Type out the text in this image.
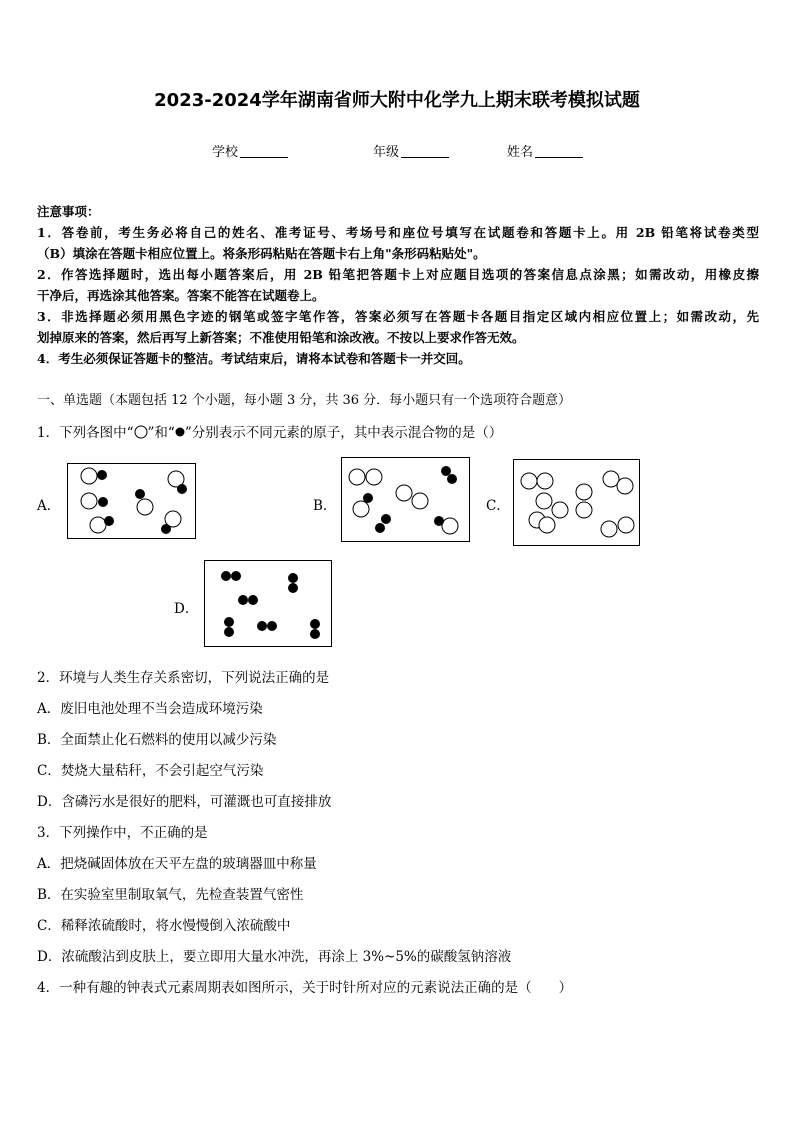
2023-2024学年湖南省师大附中化学九上期末联考模拟试题
学校	年级	姓名
注意事项：
1．答卷前，考生务必将自己的姓名、准考证号、考场号和座位号填写在试题卷和答题卡上。用 2B 铅笔将试卷类型
（B）填涂在答题卡相应位置上。将条形码粘贴在答题卡右上角"条形码粘贴处"。
2．作答选择题时，选出每小题答案后，用 2B 铅笔把答题卡上对应题目选项的答案信息点涂黑；如需改动，用橡皮擦
干净后，再选涂其他答案。答案不能答在试题卷上。
3．非选择题必须用黑色字迹的钢笔或签字笔作答，答案必须写在答题卡各题目指定区域内相应位置上；如需改动，先
划掉原来的答案，然后再写上新答案；不准使用铅笔和涂改液。不按以上要求作答无效。
4．考生必须保证答题卡的整洁。考试结束后，请将本试卷和答题卡一并交回。
一、单选题（本题包括 12 个小题，每小题 3 分，共 36 分．每小题只有一个选项符合题意）
1．下列各图中“ ”和“ ”分别表示不同元素的原子，其中表示混合物的是（）
A．	B．	C．
D．
2．环境与人类生存关系密切，下列说法正确的是
A．废旧电池处理不当会造成环境污染
B．全面禁止化石燃料的使用以减少污染
C．焚烧大量秸秆，不会引起空气污染
D．含磷污水是很好的肥料，可灌溉也可直接排放
3．下列操作中，不正确的是
A．把烧碱固体放在天平左盘的玻璃器皿中称量
B．在实验室里制取氧气，先检查装置气密性
C．稀释浓硫酸时，将水慢慢倒入浓硫酸中
D．浓硫酸沾到皮肤上，要立即用大量水冲洗，再涂上 3%~5%的碳酸氢钠溶液
4．一种有趣的钟表式元素周期表如图所示，关于时针所对应的元素说法正确的是（　　）
